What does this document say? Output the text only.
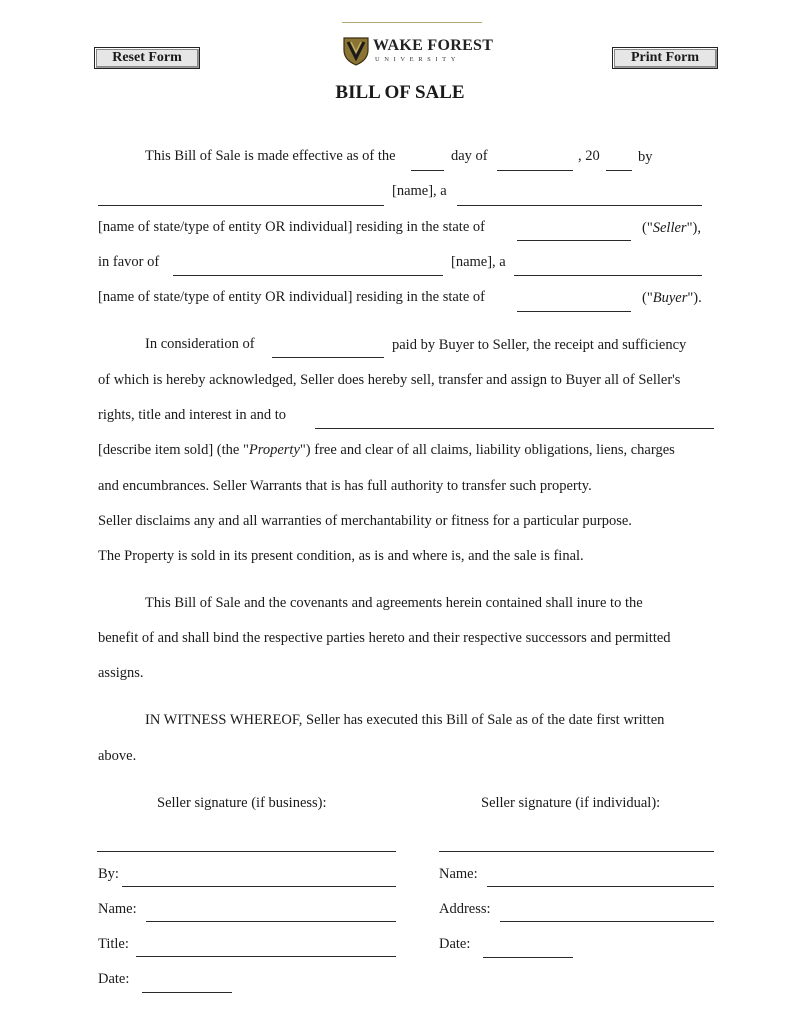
Reset Form	Print Form
WAKE FOREST
UNIVERSITY
BILL OF SALE
This Bill of Sale is made effective as of the	day of	, 20	by
[name], a
[name of state/type of entity OR individual] residing in the state of	("Seller"),
in favor of	[name], a
[name of state/type of entity OR individual] residing in the state of	("Buyer").
In consideration of	paid by Buyer to Seller, the receipt and sufficiency
of which is hereby acknowledged, Seller does hereby sell, transfer and assign to Buyer all of Seller's
rights, title and interest in and to
[describe item sold] (the "Property") free and clear of all claims, liability obligations, liens, charges
and encumbrances. Seller Warrants that is has full authority to transfer such property.
Seller disclaims any and all warranties of merchantability or fitness for a particular purpose.
The Property is sold in its present condition, as is and where is, and the sale is final.
This Bill of Sale and the covenants and agreements herein contained shall inure to the
benefit of and shall bind the respective parties hereto and their respective successors and permitted
assigns.
IN WITNESS WHEREOF, Seller has executed this Bill of Sale as of the date first written
above.
Seller signature (if business):	Seller signature (if individual):
By:	Name:
Name:	Address:
Title:	Date:
Date:
